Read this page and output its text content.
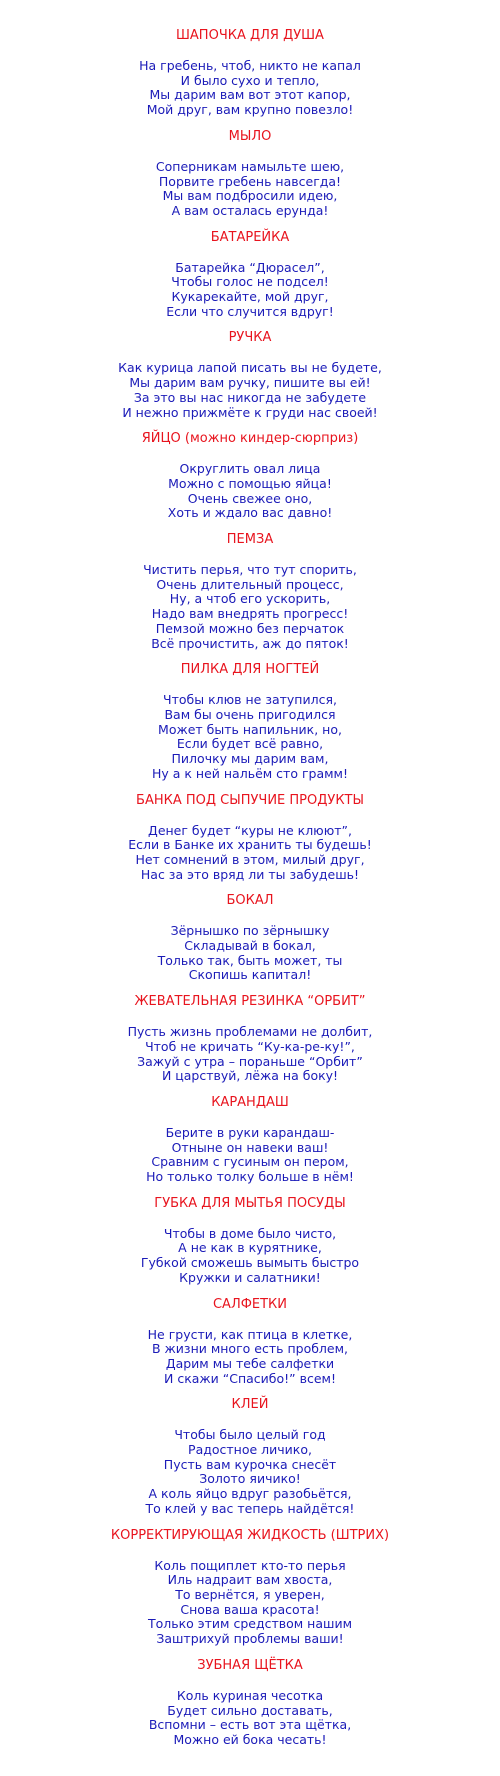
ШАПОЧКА ДЛЯ ДУША
На гребень, чтоб, никто не капал
И было сухо и тепло,
Мы дарим вам вот этот капор,
Мой друг, вам крупно повезло!
МЫЛО
Соперникам намыльте шею,
Порвите гребень навсегда!
Мы вам подбросили идею,
А вам осталась ерунда!
БАТАРЕЙКА
Батарейка “Дюрасел”,
Чтобы голос не подсел!
Кукарекайте, мой друг,
Если что случится вдруг!
РУЧКА
Как курица лапой писать вы не будете,
Мы дарим вам ручку, пишите вы ей!
За это вы нас никогда не забудете
И нежно прижмёте к груди нас своей!
ЯЙЦО (можно киндер-сюрприз)
Округлить овал лица
Можно с помощью яйца!
Очень свежее оно,
Хоть и ждало вас давно!
ПЕМЗА
Чистить перья, что тут спорить,
Очень длительный процесс,
Ну, а чтоб его ускорить,
Надо вам внедрять прогресс!
Пемзой можно без перчаток
Всё прочистить, аж до пяток!
ПИЛКА ДЛЯ НОГТЕЙ
Чтобы клюв не затупился,
Вам бы очень пригодился
Может быть напильник, но,
Если будет всё равно,
Пилочку мы дарим вам,
Ну а к ней нальём сто грамм!
БАНКА ПОД СЫПУЧИЕ ПРОДУКТЫ
Денег будет “куры не клюют”,
Если в Банке их хранить ты будешь!
Нет сомнений в этом, милый друг,
Нас за это вряд ли ты забудешь!
БОКАЛ
Зёрнышко по зёрнышку
Складывай в бокал,
Только так, быть может, ты
Скопишь капитал!
ЖЕВАТЕЛЬНАЯ РЕЗИНКА “ОРБИТ”
Пусть жизнь проблемами не долбит,
Чтоб не кричать “Ку-ка-ре-ку!”,
Зажуй с утра – пораньше “Орбит”
И царствуй, лёжа на боку!
КАРАНДАШ
Берите в руки карандаш-
Отныне он навеки ваш!
Сравним с гусиным он пером,
Но только толку больше в нём!
ГУБКА ДЛЯ МЫТЬЯ ПОСУДЫ
Чтобы в доме было чисто,
А не как в курятнике,
Губкой сможешь вымыть быстро
Кружки и салатники!
САЛФЕТКИ
Не грусти, как птица в клетке,
В жизни много есть проблем,
Дарим мы тебе салфетки
И скажи “Спасибо!” всем!
КЛЕЙ
Чтобы было целый год
Радостное личико,
Пусть вам курочка снесёт
Золото яичико!
А коль яйцо вдруг разобьётся,
То клей у вас теперь найдётся!
КОРРЕКТИРУЮЩАЯ ЖИДКОСТЬ (ШТРИХ)
Коль пощиплет кто-то перья
Иль надраит вам хвоста,
То вернётся, я уверен,
Снова ваша красота!
Только этим средством нашим
Заштрихуй проблемы ваши!
ЗУБНАЯ ЩЁТКА
Коль куриная чесотка
Будет сильно доставать,
Вспомни – есть вот эта щётка,
Можно ей бока чесать!
